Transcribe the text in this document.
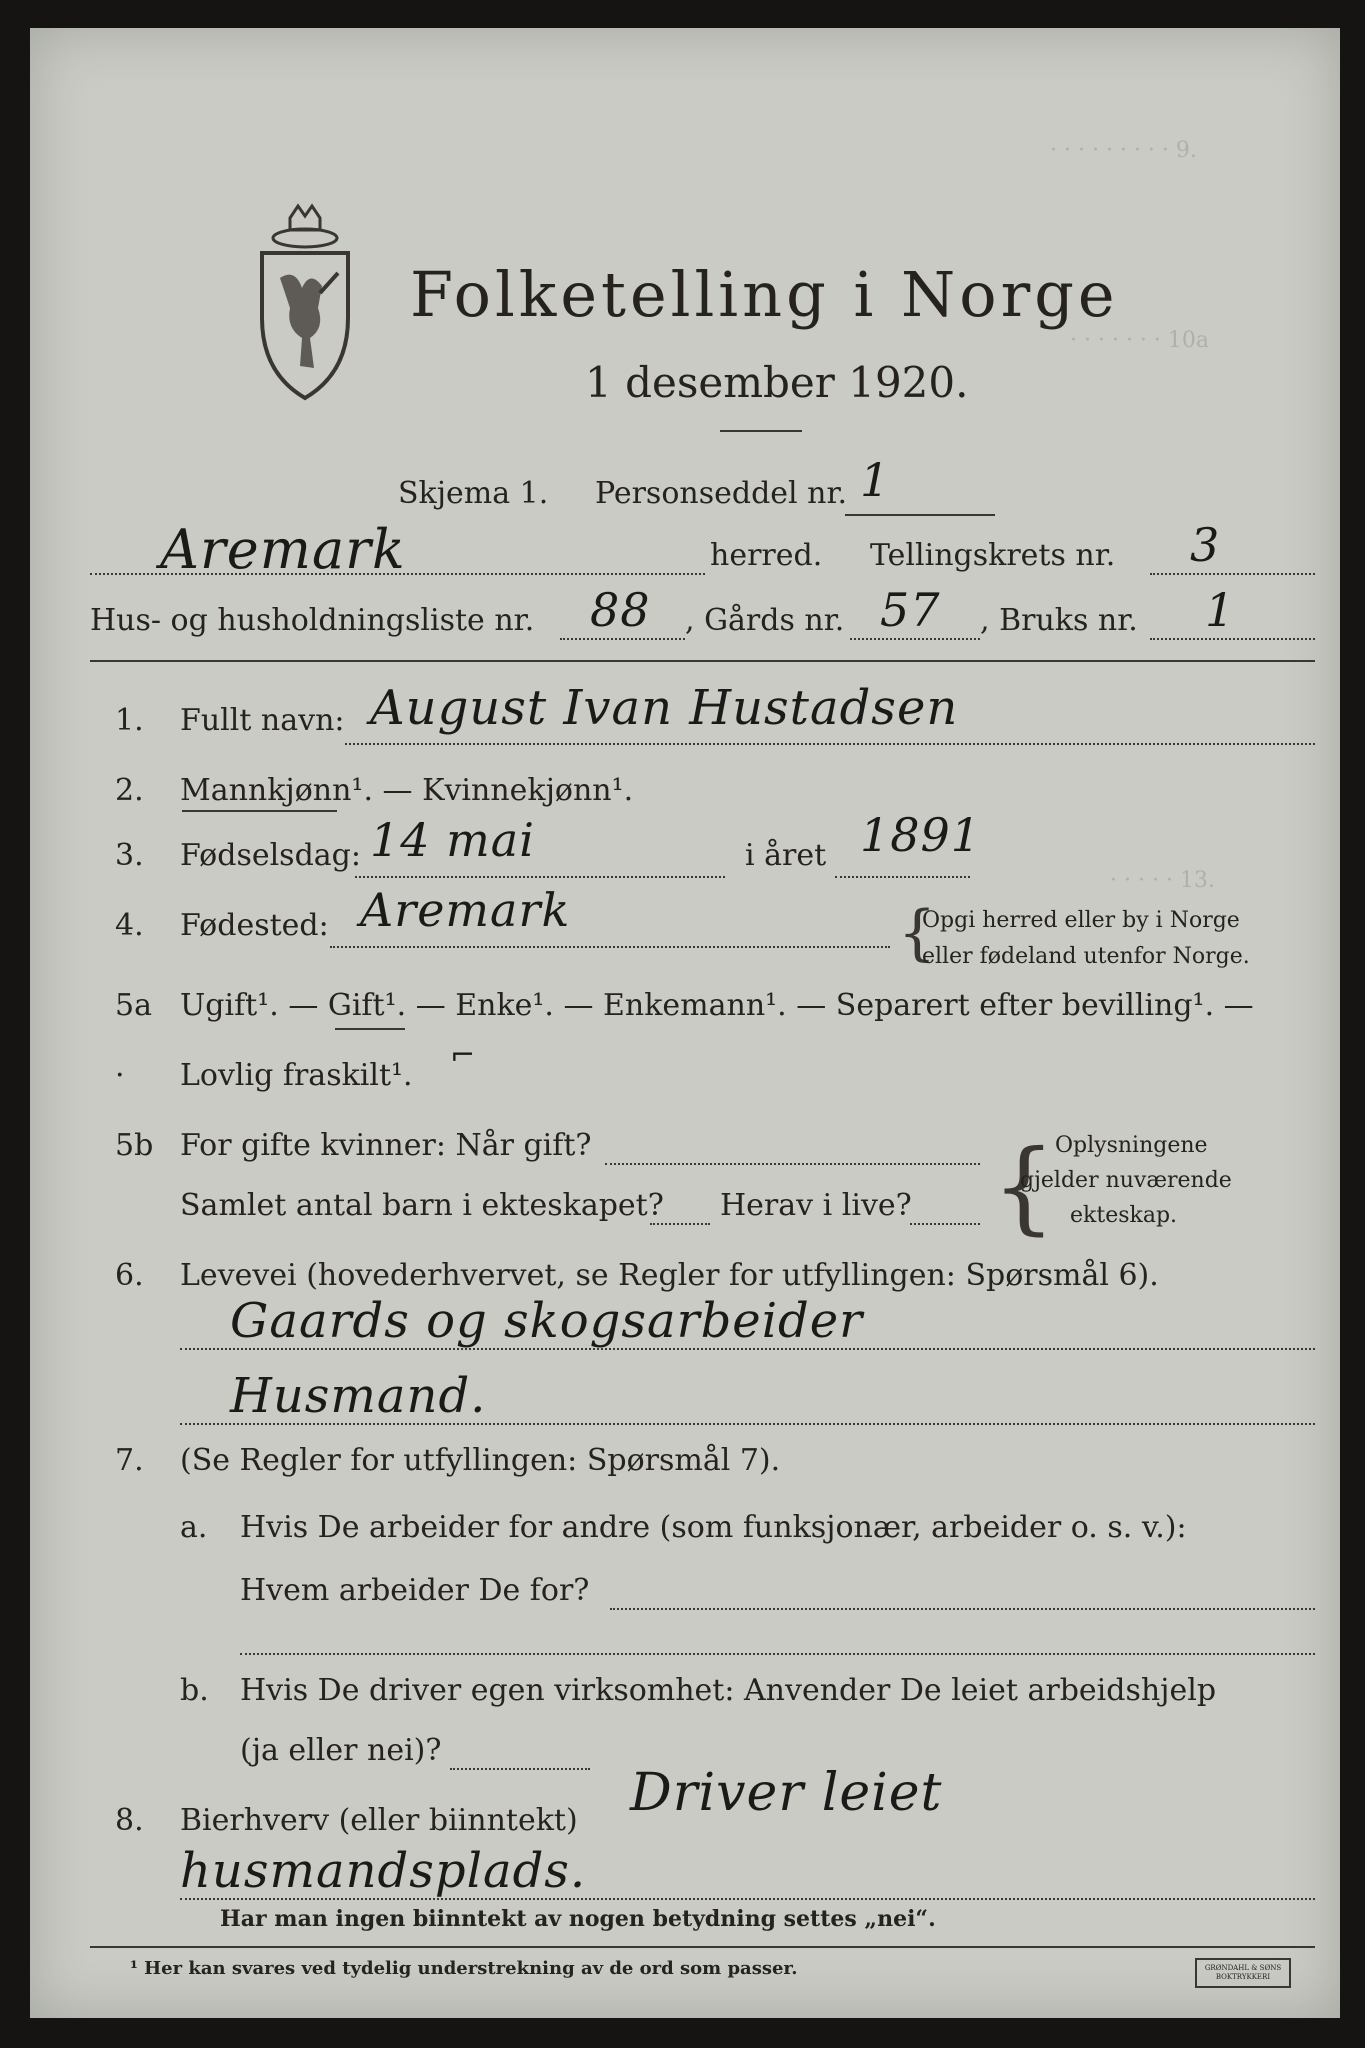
· · · · · · · · · 9.
· · · · · · · 10a
· · · · · 13.
Folketelling i Norge
1 desember 1920.
Skjema 1. Personseddel nr. 1
Aremark	herred. Tellingskrets nr. 3
Hus- og husholdningsliste nr. 88 , Gårds nr. 57 , Bruks nr. 1
1. Fullt navn: August Ivan Hustadsen
2. Mannkjønn¹. — Kvinnekjønn¹.
3. Fødselsdag: 14 mai	i året 1891
4. Fødested: Aremark	{
Opgi herred eller by i Norge
eller fødeland utenfor Norge.
5a Ugift¹. — Gift¹. — Enke¹. — Enkemann¹. — Separert efter bevilling¹. —
· Lovlig fraskilt¹.
⌐
5b For gifte kvinner: Når gift?
Samlet antal barn i ekteskapet? Herav i live? { Oplysningene
gjelder nuværende
ekteskap.
6. Levevei (hovederhvervet, se Regler for utfyllingen: Spørsmål 6).
Gaards og skogsarbeider
Husmand.
7. (Se Regler for utfyllingen: Spørsmål 7).
a. Hvis De arbeider for andre (som funksjonær, arbeider o. s. v.):
Hvem arbeider De for?
b. Hvis De driver egen virksomhet: Anvender De leiet arbeidshjelp
(ja eller nei)?
8. Bierhverv (eller biinntekt) Driver leiet
husmandsplads.
Har man ingen biinntekt av nogen betydning settes „nei“.
¹ Her kan svares ved tydelig understrekning av de ord som passer.	GRØNDAHL & SØNS BOKTRYKKERI
